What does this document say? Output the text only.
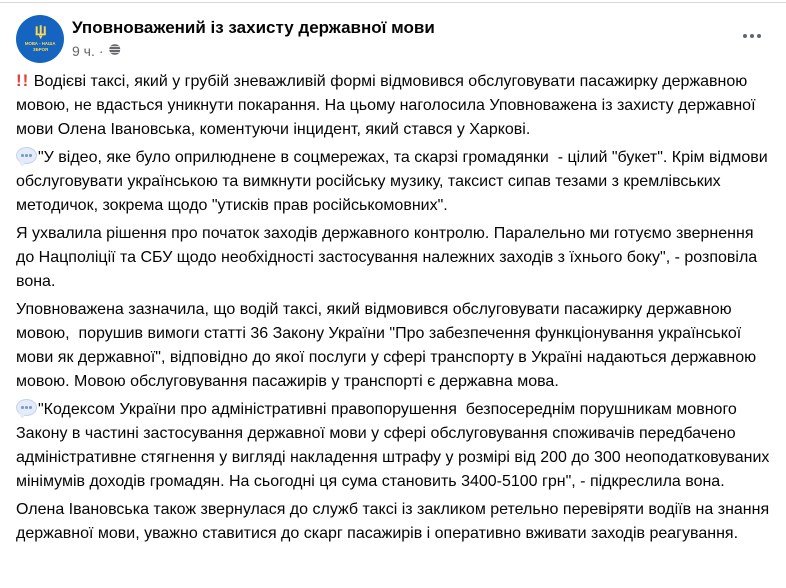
МОВА - НАША
ЗБРОЯ
Уповноважений із захисту державної мови
9 ч. ·

!! Водієві таксі, який у грубій зневажливій формі відмовився обслуговувати пасажирку державною мовою, не вдасться уникнути покарання. На цьому наголосила Уповноважена із захисту державної мови Олена Івановська, коментуючи інцидент, який стався у Харкові.

"У відео, яке було оприлюднене в соцмережах, та скарзі громадянки  - цілий "букет". Крім відмови обслуговувати українською та вимкнути російську музику, таксист сипав тезами з кремлівських методичок, зокрема щодо "утисків прав російськомовних".

Я ухвалила рішення про початок заходів державного контролю. Паралельно ми готуємо звернення до Нацполіції та СБУ щодо необхідності застосування належних заходів з їхнього боку", - розповіла вона.

Уповноважена зазначила, що водій таксі, який відмовився обслуговувати пасажирку державною мовою,  порушив вимоги статті 36 Закону України "Про забезпечення функціонування української мови як державної", відповідно до якої послуги у сфері транспорту в Україні надаються державною мовою. Мовою обслуговування пасажирів у транспорті є державна мова.

"Кодексом України про адміністративні правопорушення  безпосереднім порушникам мовного Закону в частині застосування державної мови у сфері обслуговування споживачів передбачено адміністративне стягнення у вигляді накладення штрафу у розмірі від 200 до 300 неоподатковуваних мінімумів доходів громадян. На сьогодні ця сума становить 3400-5100 грн", - підкреслила вона.

Олена Івановська також звернулася до служб таксі із закликом ретельно перевіряти водіїв на знання державної мови, уважно ставитися до скарг пасажирів і оперативно вживати заходів реагування.
